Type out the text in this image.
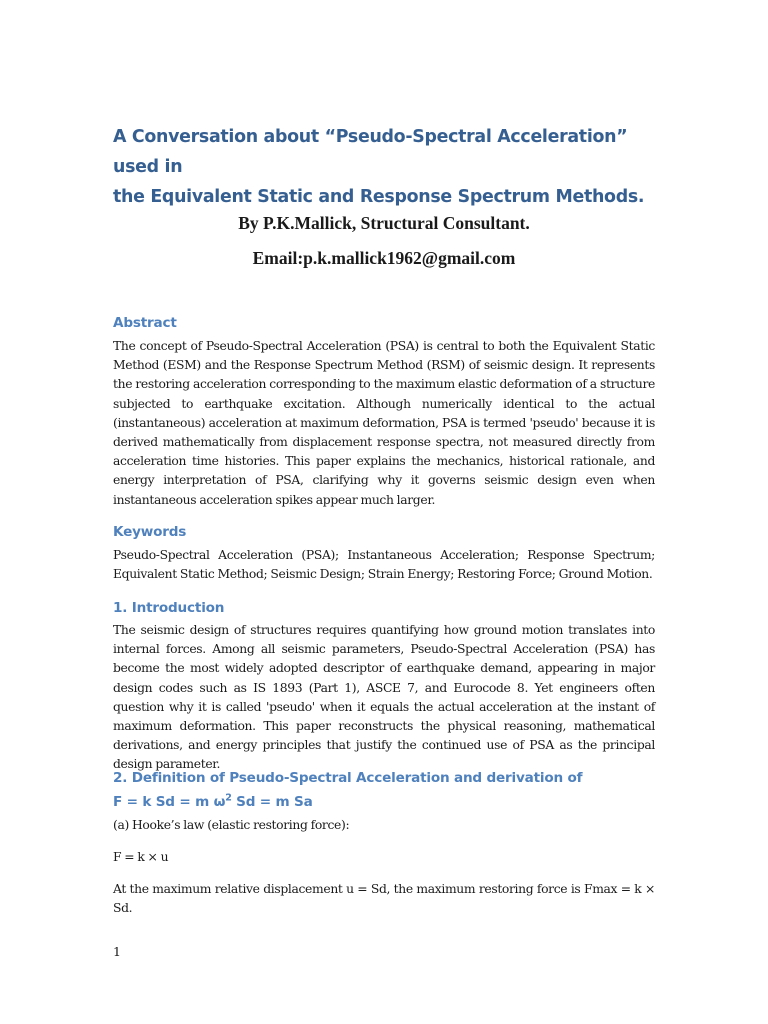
A Conversation about “Pseudo-Spectral Acceleration” used in
the Equivalent Static and Response Spectrum Methods.

By P.K.Mallick, Structural Consultant.

Email:p.k.mallick1962@gmail.com

Abstract

The concept of Pseudo-Spectral Acceleration (PSA) is central to both the Equivalent Static Method (ESM) and the Response Spectrum Method (RSM) of seismic design. It represents the restoring acceleration corresponding to the maximum elastic deformation of a structure subjected to earthquake excitation. Although numerically identical to the actual (instantaneous) acceleration at maximum deformation, PSA is termed 'pseudo' because it is derived mathematically from displacement response spectra, not measured directly from acceleration time histories. This paper explains the mechanics, historical rationale, and energy interpretation of PSA, clarifying why it governs seismic design even when instantaneous acceleration spikes appear much larger.

Keywords

Pseudo-Spectral Acceleration (PSA); Instantaneous Acceleration; Response Spectrum; Equivalent Static Method; Seismic Design; Strain Energy; Restoring Force; Ground Motion.

1. Introduction

The seismic design of structures requires quantifying how ground motion translates into internal forces. Among all seismic parameters, Pseudo-Spectral Acceleration (PSA) has become the most widely adopted descriptor of earthquake demand, appearing in major design codes such as IS 1893 (Part 1), ASCE 7, and Eurocode 8. Yet engineers often question why it is called 'pseudo' when it equals the actual acceleration at the instant of maximum deformation. This paper reconstructs the physical reasoning, mathematical derivations, and energy principles that justify the continued use of PSA as the principal design parameter.

2. Definition of Pseudo-Spectral Acceleration and derivation of
F = k Sd = m $\omega^2$ Sd = m Sa

(a) Hooke’s law (elastic restoring force):

F = k × u

At the maximum relative displacement u = Sd, the maximum restoring force is Fmax = k × Sd.

1
